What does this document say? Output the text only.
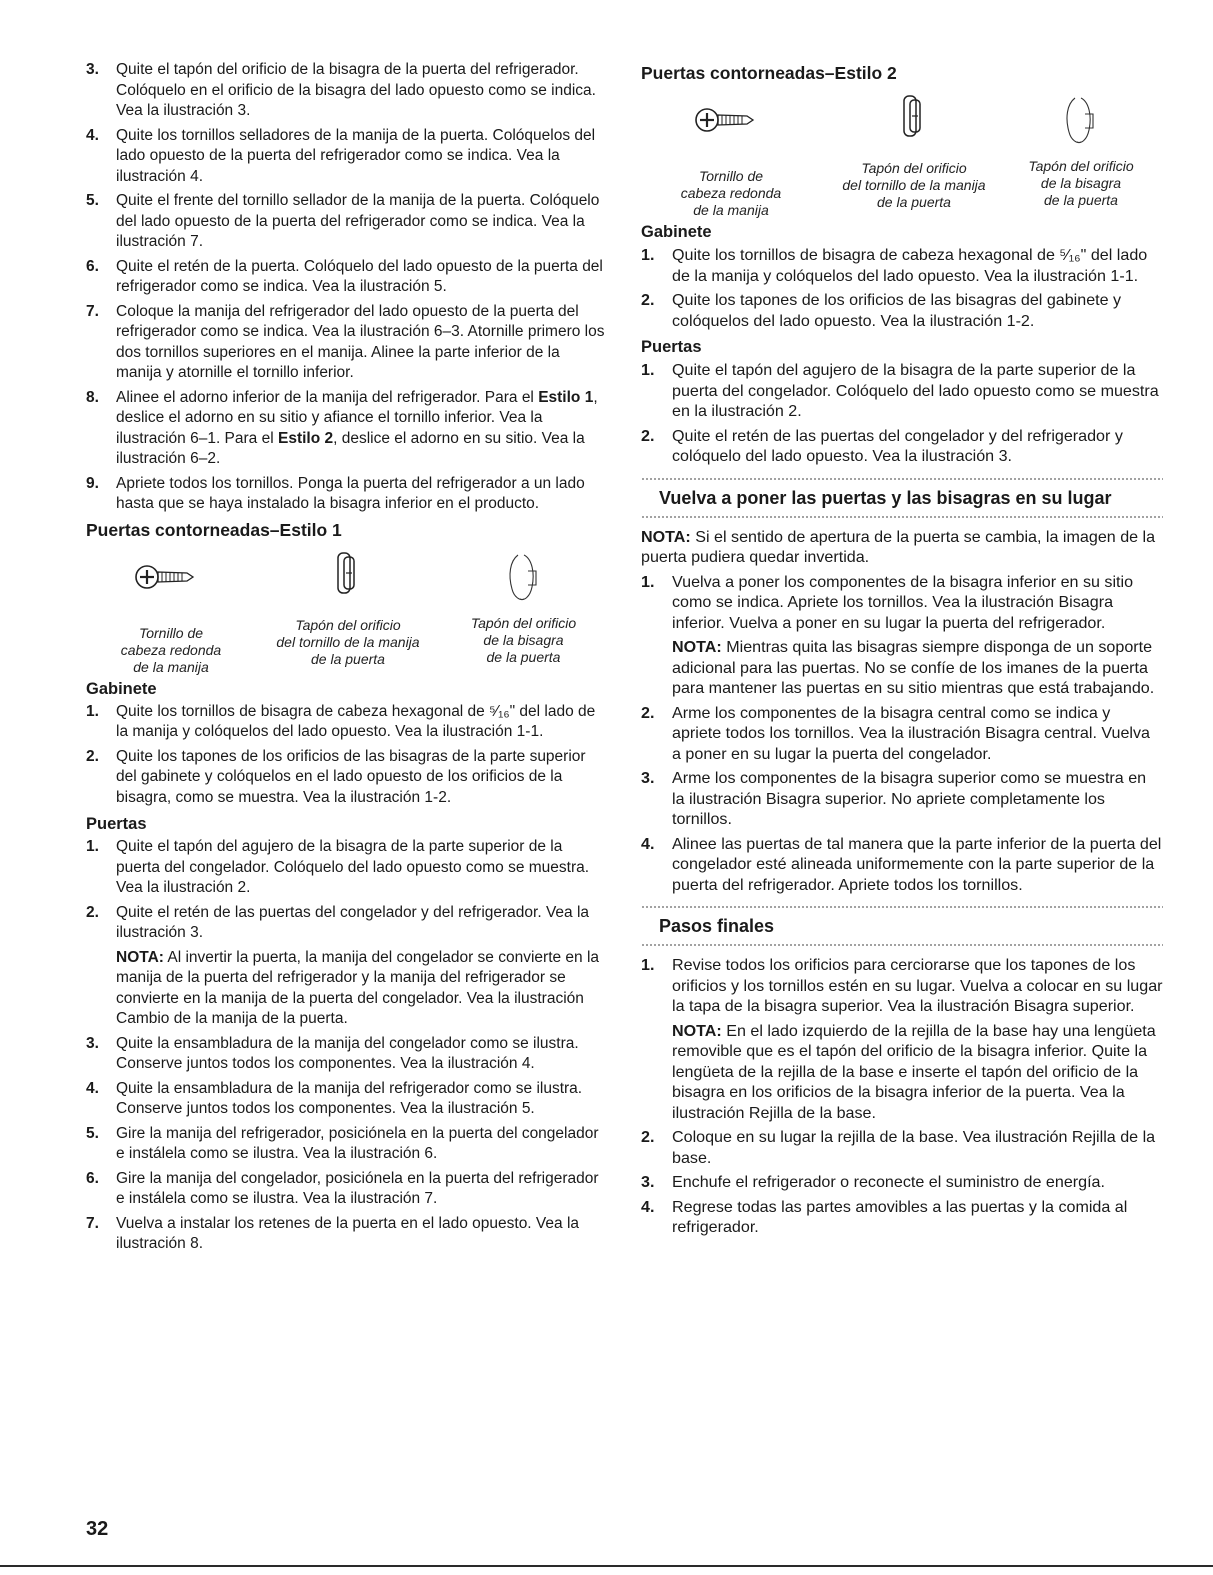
3. Quite el tapón del orificio de la bisagra de la puerta del refrigerador. Colóquelo en el orificio de la bisagra del lado opuesto como se indica. Vea la ilustración 3.
4. Quite los tornillos selladores de la manija de la puerta. Colóquelos del lado opuesto de la puerta del refrigerador como se indica. Vea la ilustración 4.
5. Quite el frente del tornillo sellador de la manija de la puerta. Colóquelo del lado opuesto de la puerta del refrigerador como se indica. Vea la ilustración 7.
6. Quite el retén de la puerta. Colóquelo del lado opuesto de la puerta del refrigerador como se indica. Vea la ilustración 5.
7. Coloque la manija del refrigerador del lado opuesto de la puerta del refrigerador como se indica. Vea la ilustración 6–3. Atornille primero los dos tornillos superiores en el manija. Alinee la parte inferior de la manija y atornille el tornillo inferior.
8. Alinee el adorno inferior de la manija del refrigerador. Para el Estilo 1, deslice el adorno en su sitio y afiance el tornillo inferior. Vea la ilustración 6–1. Para el Estilo 2, deslice el adorno en su sitio. Vea la ilustración 6–2.
9. Apriete todos los tornillos. Ponga la puerta del refrigerador a un lado hasta que se haya instalado la bisagra inferior en el producto.
Puertas contorneadas–Estilo 1
Tornillo de
cabeza redonda
de la manija
Tapón del orificio
del tornillo de la manija
de la puerta
Tapón del orificio
de la bisagra
de la puerta
Gabinete
1. Quite los tornillos de bisagra de cabeza hexagonal de ⁵⁄₁₆" del lado de la manija y colóquelos del lado opuesto. Vea la ilustración 1-1.
2. Quite los tapones de los orificios de las bisagras de la parte superior del gabinete y colóquelos en el lado opuesto de los orificios de la bisagra, como se muestra. Vea la ilustración 1-2.
Puertas
1. Quite el tapón del agujero de la bisagra de la parte superior de la puerta del congelador. Colóquelo del lado opuesto como se muestra. Vea la ilustración 2.
2. Quite el retén de las puertas del congelador y del refrigerador. Vea la ilustración 3.
NOTA: Al invertir la puerta, la manija del congelador se convierte en la manija de la puerta del refrigerador y la manija del refrigerador se convierte en la manija de la puerta del congelador. Vea la ilustración Cambio de la manija de la puerta.
3. Quite la ensambladura de la manija del congelador como se ilustra. Conserve juntos todos los componentes. Vea la ilustración 4.
4. Quite la ensambladura de la manija del refrigerador como se ilustra. Conserve juntos todos los componentes. Vea la ilustración 5.
5. Gire la manija del refrigerador, posiciónela en la puerta del congelador e instálela como se ilustra. Vea la ilustración 6.
6. Gire la manija del congelador, posiciónela en la puerta del refrigerador e instálela como se ilustra. Vea la ilustración 7.
7. Vuelva a instalar los retenes de la puerta en el lado opuesto. Vea la ilustración 8.
Puertas contorneadas–Estilo 2
Tornillo de
cabeza redonda
de la manija
Tapón del orificio
del tornillo de la manija
de la puerta
Tapón del orificio
de la bisagra
de la puerta
Gabinete
1. Quite los tornillos de bisagra de cabeza hexagonal de ⁵⁄₁₆" del lado de la manija y colóquelos del lado opuesto. Vea la ilustración 1-1.
2. Quite los tapones de los orificios de las bisagras del gabinete y colóquelos del lado opuesto. Vea la ilustración 1-2.
Puertas
1. Quite el tapón del agujero de la bisagra de la parte superior de la puerta del congelador. Colóquelo del lado opuesto como se muestra en la ilustración 2.
2. Quite el retén de las puertas del congelador y del refrigerador y colóquelo del lado opuesto. Vea la ilustración 3.
Vuelva a poner las puertas y las bisagras en su lugar
NOTA: Si el sentido de apertura de la puerta se cambia, la imagen de la puerta pudiera quedar invertida.
1. Vuelva a poner los componentes de la bisagra inferior en su sitio como se indica. Apriete los tornillos. Vea la ilustración Bisagra inferior. Vuelva a poner en su lugar la puerta del refrigerador.
NOTA: Mientras quita las bisagras siempre disponga de un soporte adicional para las puertas. No se confíe de los imanes de la puerta para mantener las puertas en su sitio mientras que está trabajando.
2. Arme los componentes de la bisagra central como se indica y apriete todos los tornillos. Vea la ilustración Bisagra central. Vuelva a poner en su lugar la puerta del congelador.
3. Arme los componentes de la bisagra superior como se muestra en la ilustración Bisagra superior. No apriete completamente los tornillos.
4. Alinee las puertas de tal manera que la parte inferior de la puerta del congelador esté alineada uniformemente con la parte superior de la puerta del refrigerador. Apriete todos los tornillos.
Pasos finales
1. Revise todos los orificios para cerciorarse que los tapones de los orificios y los tornillos estén en su lugar. Vuelva a colocar en su lugar la tapa de la bisagra superior. Vea la ilustración Bisagra superior.
NOTA: En el lado izquierdo de la rejilla de la base hay una lengüeta removible que es el tapón del orificio de la bisagra inferior. Quite la lengüeta de la rejilla de la base e inserte el tapón del orificio de la bisagra en los orificios de la bisagra inferior de la puerta. Vea la ilustración Rejilla de la base.
2. Coloque en su lugar la rejilla de la base. Vea ilustración Rejilla de la base.
3. Enchufe el refrigerador o reconecte el suministro de energía.
4. Regrese todas las partes amovibles a las puertas y la comida al refrigerador.
32
